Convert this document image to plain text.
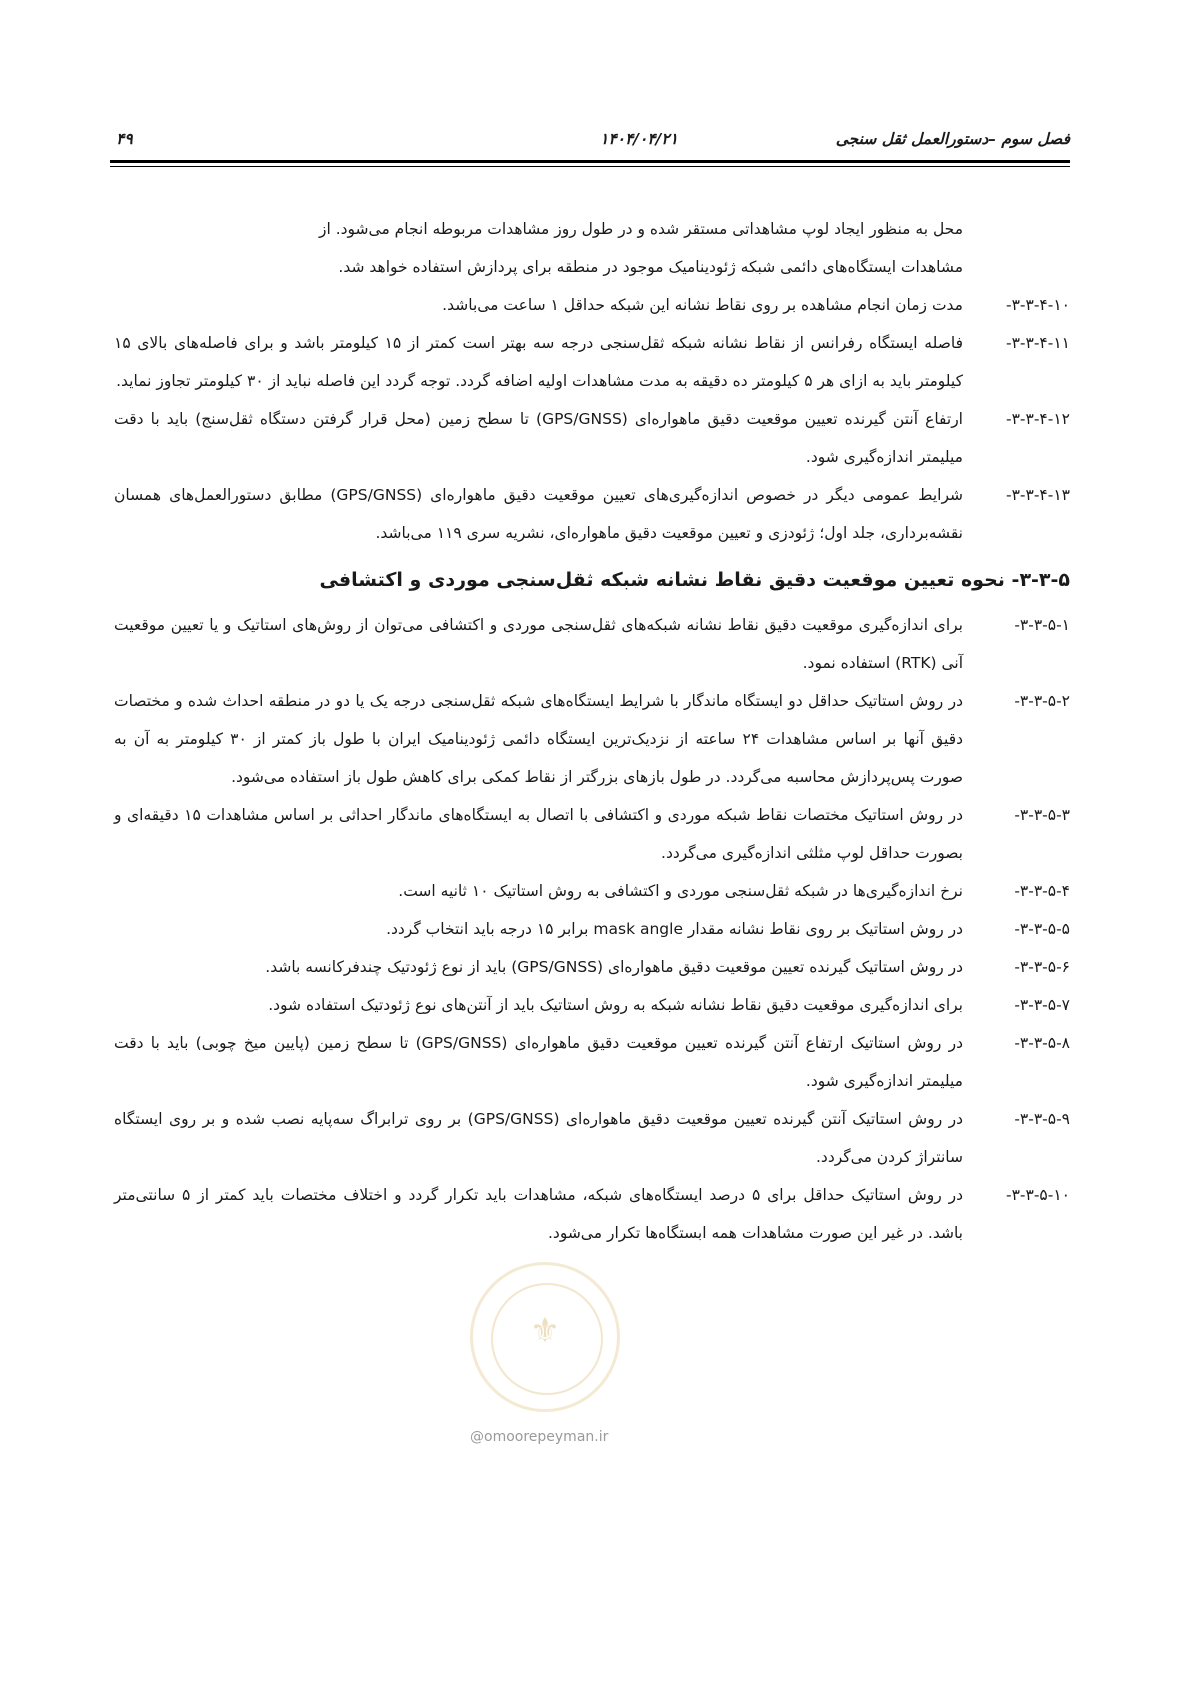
۴۹	۱۴۰۴/۰۴/۲۱	فصل سوم –دستورالعمل ثقل سنجی

محل به منظور ایجاد لوپ مشاهداتی مستقر شده و در طول روز مشاهدات مربوطه انجام می‌شود. از

مشاهدات ایستگاه‌های دائمی شبکه ژئودینامیک موجود در منطقه برای پردازش استفاده خواهد شد.

۳-۳-۴-۱۰-
مدت زمان انجام مشاهده بر روی نقاط نشانه این شبکه حداقل ۱ ساعت می‌باشد.
۳-۳-۴-۱۱-
فاصله ایستگاه رفرانس از نقاط نشانه شبکه ثقل‌سنجی درجه سه بهتر است کمتر از ۱۵ کیلومتر باشد و برای فاصله‌های بالای ۱۵ کیلومتر باید به ازای هر ۵ کیلومتر ده دقیقه به مدت مشاهدات اولیه اضافه گردد. توجه گردد این فاصله نباید از ۳۰ کیلومتر تجاوز نماید.
۳-۳-۴-۱۲-
ارتفاع آنتن گیرنده تعیین موقعیت دقیق ماهواره‌ای (GPS/GNSS) تا سطح زمین (محل قرار گرفتن دستگاه ثقل‌سنج) باید با دقت میلیمتر اندازه‌گیری شود.
۳-۳-۴-۱۳-
شرایط عمومی دیگر در خصوص اندازه‌گیری‌های تعیین موقعیت دقیق ماهواره‌ای (GPS/GNSS) مطابق دستورالعمل‌های همسان نقشه‌برداری، جلد اول؛ ژئودزی و تعیین موقعیت دقیق ماهواره‌ای، نشریه سری ۱۱۹ می‌باشد.
۳-۳-۵- نحوه تعیین موقعیت دقیق نقاط نشانه شبکه ثقل‌سنجی موردی و اکتشافی
۳-۳-۵-۱-
برای اندازه‌گیری موقعیت دقیق نقاط نشانه شبکه‌های ثقل‌سنجی موردی و اکتشافی می‌توان از روش‌های استاتیک و یا تعیین موقعیت آنی (RTK) استفاده نمود.
۳-۳-۵-۲-
در روش استاتیک حداقل دو ایستگاه ماندگار با شرایط ایستگاه‌های شبکه ثقل‌سنجی درجه یک یا دو در منطقه احداث شده و مختصات دقیق آنها بر اساس مشاهدات ۲۴ ساعته از نزدیک‌ترین ایستگاه دائمی ژئودینامیک ایران با طول باز کمتر از ۳۰ کیلومتر به آن به صورت پس‌پردازش محاسبه می‌گردد. در طول بازهای بزرگتر از نقاط کمکی برای کاهش طول باز استفاده می‌شود.
۳-۳-۵-۳-
در روش استاتیک مختصات نقاط شبکه موردی و اکتشافی با اتصال به ایستگاه‌های ماندگار احداثی بر اساس مشاهدات ۱۵ دقیقه‌ای و بصورت حداقل لوپ مثلثی اندازه‌گیری می‌گردد.
۳-۳-۵-۴-
نرخ اندازه‌گیری‌ها در شبکه ثقل‌سنجی موردی و اکتشافی به روش استاتیک ۱۰ ثانیه است.
۳-۳-۵-۵-
در روش استاتیک بر روی نقاط نشانه مقدار mask angle برابر ۱۵ درجه باید انتخاب گردد.
۳-۳-۵-۶-
در روش استاتیک گیرنده تعیین موقعیت دقیق ماهواره‌ای (GPS/GNSS) باید از نوع ژئودتیک چندفرکانسه باشد.
۳-۳-۵-۷-
برای اندازه‌گیری موقعیت دقیق نقاط نشانه شبکه به روش استاتیک باید از آنتن‌های نوع ژئودتیک استفاده شود.
۳-۳-۵-۸-
در روش استاتیک ارتفاع آنتن گیرنده تعیین موقعیت دقیق ماهواره‌ای (GPS/GNSS) تا سطح زمین (پایین میخ چوبی) باید با دقت میلیمتر اندازه‌گیری شود.
۳-۳-۵-۹-
در روش استاتیک آنتن گیرنده تعیین موقعیت دقیق ماهواره‌ای (GPS/GNSS) بر روی ترابراگ سه‌پایه نصب شده و بر روی ایستگاه سانتراژ کردن می‌گردد.
۳-۳-۵-۱۰-
در روش استاتیک حداقل برای ۵ درصد ایستگاه‌های شبکه، مشاهدات باید تکرار گردد و اختلاف مختصات باید کمتر از ۵ سانتی‌متر باشد. در غیر این صورت مشاهدات همه ابستگاه‌ها تکرار می‌شود.
⚜
@omoorepeyman.ir
